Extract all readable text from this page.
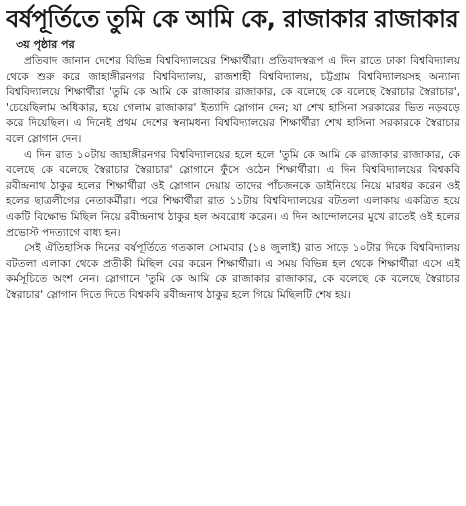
বর্ষপূর্তিতে তুমি কে আমি কে, রাজাকার রাজাকার
৩য় পৃষ্ঠার পর

প্রতিবাদ জানান দেশের বিভিন্ন বিশ্ববিদ্যালয়ের শিক্ষার্থীরা। প্রতিবাদস্বরূপ এ দিন রাতে ঢাকা বিশ্ববিদ্যালয় থেকে শুরু করে জাহাঙ্গীরনগর বিশ্ববিদ্যালয়, রাজশাহী বিশ্ববিদ্যালয়, চট্টগ্রাম বিশ্ববিদ্যালয়সহ অন্যান্য বিশ্ববিদ্যালয়ে শিক্ষার্থীরা 'তুমি কে আমি কে রাজাকার রাজাকার, কে বলেছে কে বলেছে স্বৈরাচার স্বৈরাচার', 'চেয়েছিলাম অধিকার, হয়ে গেলাম রাজাকার' ইত্যাদি স্লোগান দেন; যা শেখ হাসিনা সরকারের ভিত নড়বড়ে করে দিয়েছিল। এ দিনেই প্রথম দেশের স্বনামধন্য বিশ্ববিদ্যালয়ের শিক্ষার্থীরা শেখ হাসিনা সরকারকে স্বৈরাচার বলে স্লোগান দেন।

এ দিন রাত ১০টায় জাহাঙ্গীরনগর বিশ্ববিদ্যালয়ের হলে হলে 'তুমি কে আমি কে রাজাকার রাজাকার, কে বলেছে কে বলেছে স্বৈরাচার স্বৈরাচার' স্লোগানে ফুঁসে ওঠেন শিক্ষার্থীরা। এ দিন বিশ্ববিদ্যালয়ের বিশ্বকবি রবীন্দ্রনাথ ঠাকুর হলের শিক্ষার্থীরা ওই স্লোগান দেয়ায় তাদের পাঁচজনকে ডাইনিংয়ে নিয়ে মারধর করেন ওই হলের ছাত্রলীগের নেতাকর্মীরা। পরে শিক্ষার্থীরা রাত ১১টায় বিশ্ববিদ্যালয়ের বটতলা এলাকায় একত্রিত হয়ে একটি বিক্ষোভ মিছিল নিয়ে রবীন্দ্রনাথ ঠাকুর হল অবরোধ করেন। এ দিন আন্দোলনের মুখে রাতেই ওই হলের প্রভোস্ট পদত্যাগে বাধ্য হন।

সেই ঐতিহাসিক দিনের বর্ষপূর্তিতে গতকাল সোমবার (১৪ জুলাই) রাত সাড়ে ১০টার দিকে বিশ্ববিদ্যালয় বটতলা এলাকা থেকে প্রতীকী মিছিল বের করেন শিক্ষার্থীরা। এ সময় বিভিন্ন হল থেকে শিক্ষার্থীরা এসে এই কর্মসূচিতে অংশ নেন। স্লোগানে 'তুমি কে আমি কে রাজাকার রাজাকার, কে বলেছে কে বলেছে স্বৈরাচার স্বৈরাচার' স্লোগান দিতে দিতে বিশ্বকবি রবীন্দ্রনাথ ঠাকুর হলে গিয়ে মিছিলটি শেষ হয়।
